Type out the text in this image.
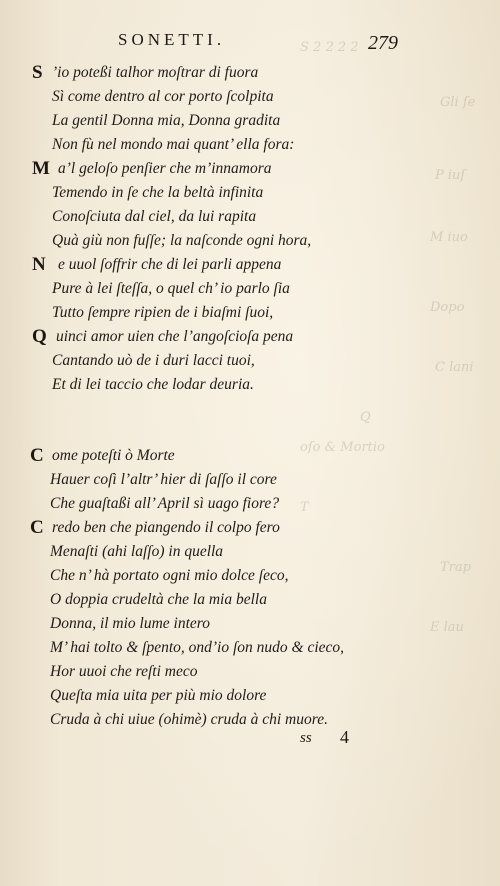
S 2 2 2 2
Gli ſe
P iuſ
M iuo
Dopo
C lani
Q
oſo & Mortio
T
Trap
E lau
SONETTI.	279
S ’io poteßi talhor moſtrar di fuora
Sì come dentro al cor porto ſcolpita
La gentil Donna mia, Donna gradita
Non fù nel mondo mai quant’ ella fora:
M a’l geloſo penſier che m’innamora
Temendo in ſe che la beltà infinita
Conoſciuta dal ciel, da lui rapita
Quà giù non fuſſe; la naſconde ogni hora,
N e uuol ſoffrir che di lei parli appena
Pure à lei ſteſſa, o quel ch’ io parlo ſia
Tutto ſempre ripien de i biaſmi ſuoi,
Q uinci amor uien che l’angoſcioſa pena
Cantando uò de i duri lacci tuoi,
Et di lei taccio che lodar deuria.
C ome poteſti ò Morte
Hauer coſì l’altr’ hier di ſaſſo il core
Che guaſtaßi all’ April sì uago fiore?
C redo ben che piangendo il colpo fero
Menaſti (ahi laſſo) in quella
Che n’ hà portato ogni mio dolce ſeco,
O doppia crudeltà che la mia bella
Donna, il mio lume intero
M’ hai tolto & ſpento, ond’io ſon nudo & cieco,
Hor uuoi che reſti meco
Queſta mia uita per più mio dolore
Cruda à chi uiue (ohimè) cruda à chi muore.
ss 4
